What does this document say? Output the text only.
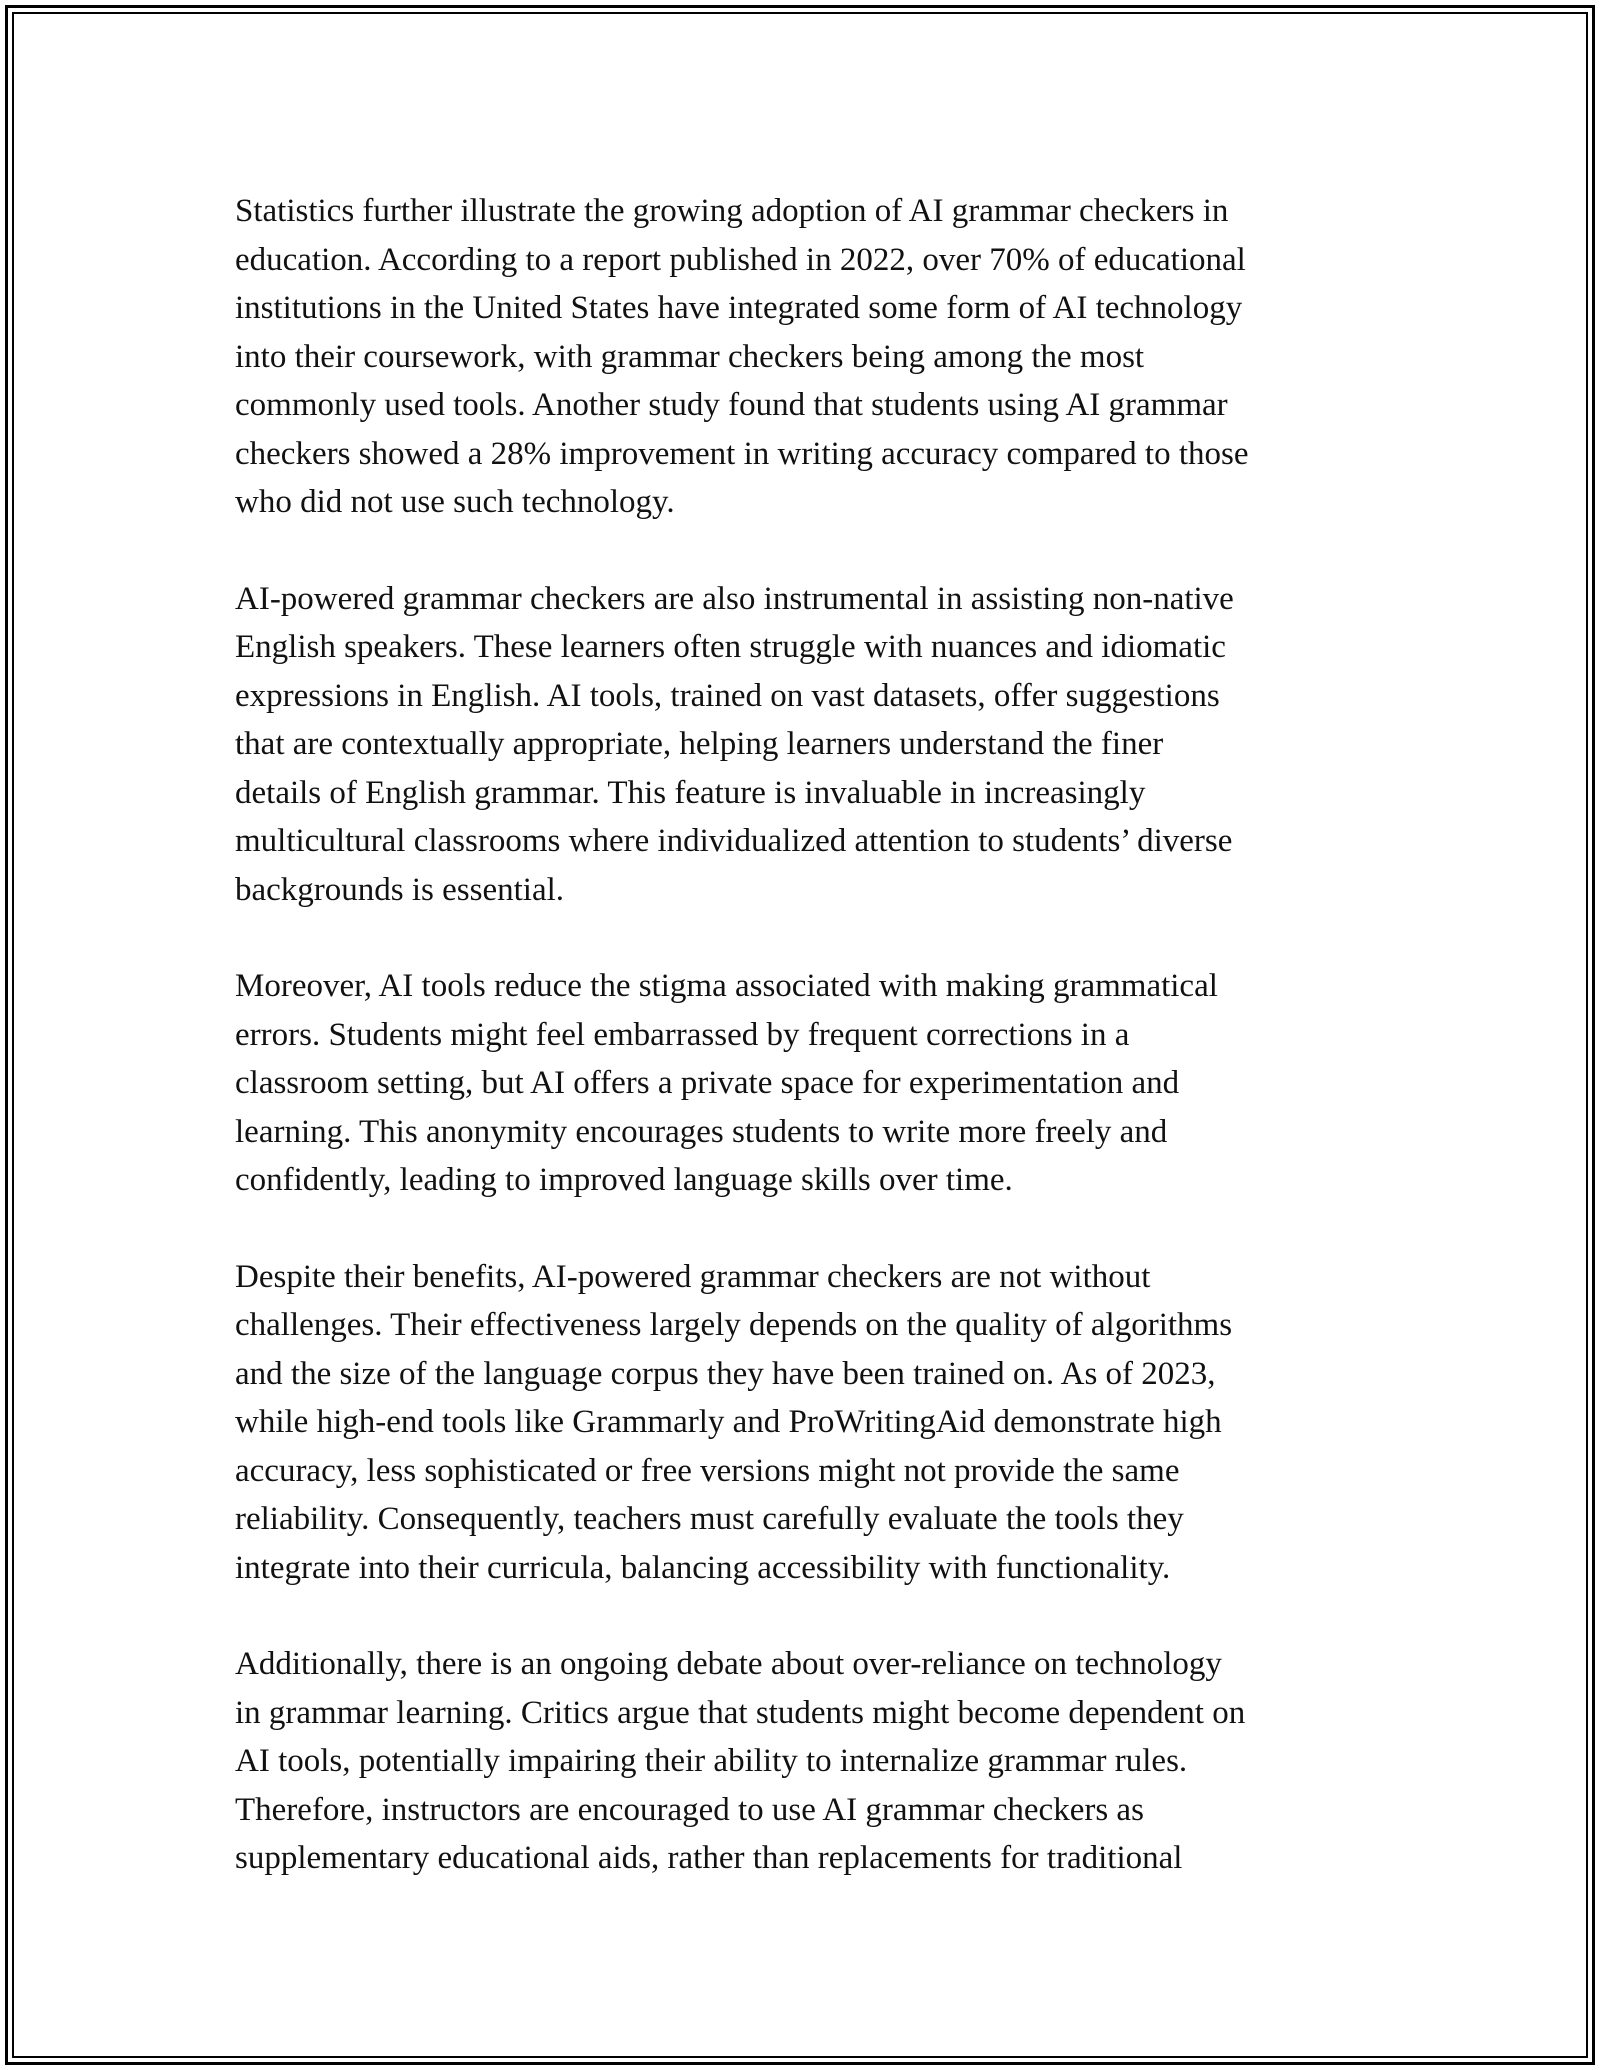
Statistics further illustrate the growing adoption of AI grammar checkers in
education. According to a report published in 2022, over 70% of educational
institutions in the United States have integrated some form of AI technology
into their coursework, with grammar checkers being among the most
commonly used tools. Another study found that students using AI grammar
checkers showed a 28% improvement in writing accuracy compared to those
who did not use such technology.

AI-powered grammar checkers are also instrumental in assisting non-native
English speakers. These learners often struggle with nuances and idiomatic
expressions in English. AI tools, trained on vast datasets, offer suggestions
that are contextually appropriate, helping learners understand the finer
details of English grammar. This feature is invaluable in increasingly
multicultural classrooms where individualized attention to students’ diverse
backgrounds is essential.

Moreover, AI tools reduce the stigma associated with making grammatical
errors. Students might feel embarrassed by frequent corrections in a
classroom setting, but AI offers a private space for experimentation and
learning. This anonymity encourages students to write more freely and
confidently, leading to improved language skills over time.

Despite their benefits, AI-powered grammar checkers are not without
challenges. Their effectiveness largely depends on the quality of algorithms
and the size of the language corpus they have been trained on. As of 2023,
while high-end tools like Grammarly and ProWritingAid demonstrate high
accuracy, less sophisticated or free versions might not provide the same
reliability. Consequently, teachers must carefully evaluate the tools they
integrate into their curricula, balancing accessibility with functionality.

Additionally, there is an ongoing debate about over-reliance on technology
in grammar learning. Critics argue that students might become dependent on
AI tools, potentially impairing their ability to internalize grammar rules.
Therefore, instructors are encouraged to use AI grammar checkers as
supplementary educational aids, rather than replacements for traditional
